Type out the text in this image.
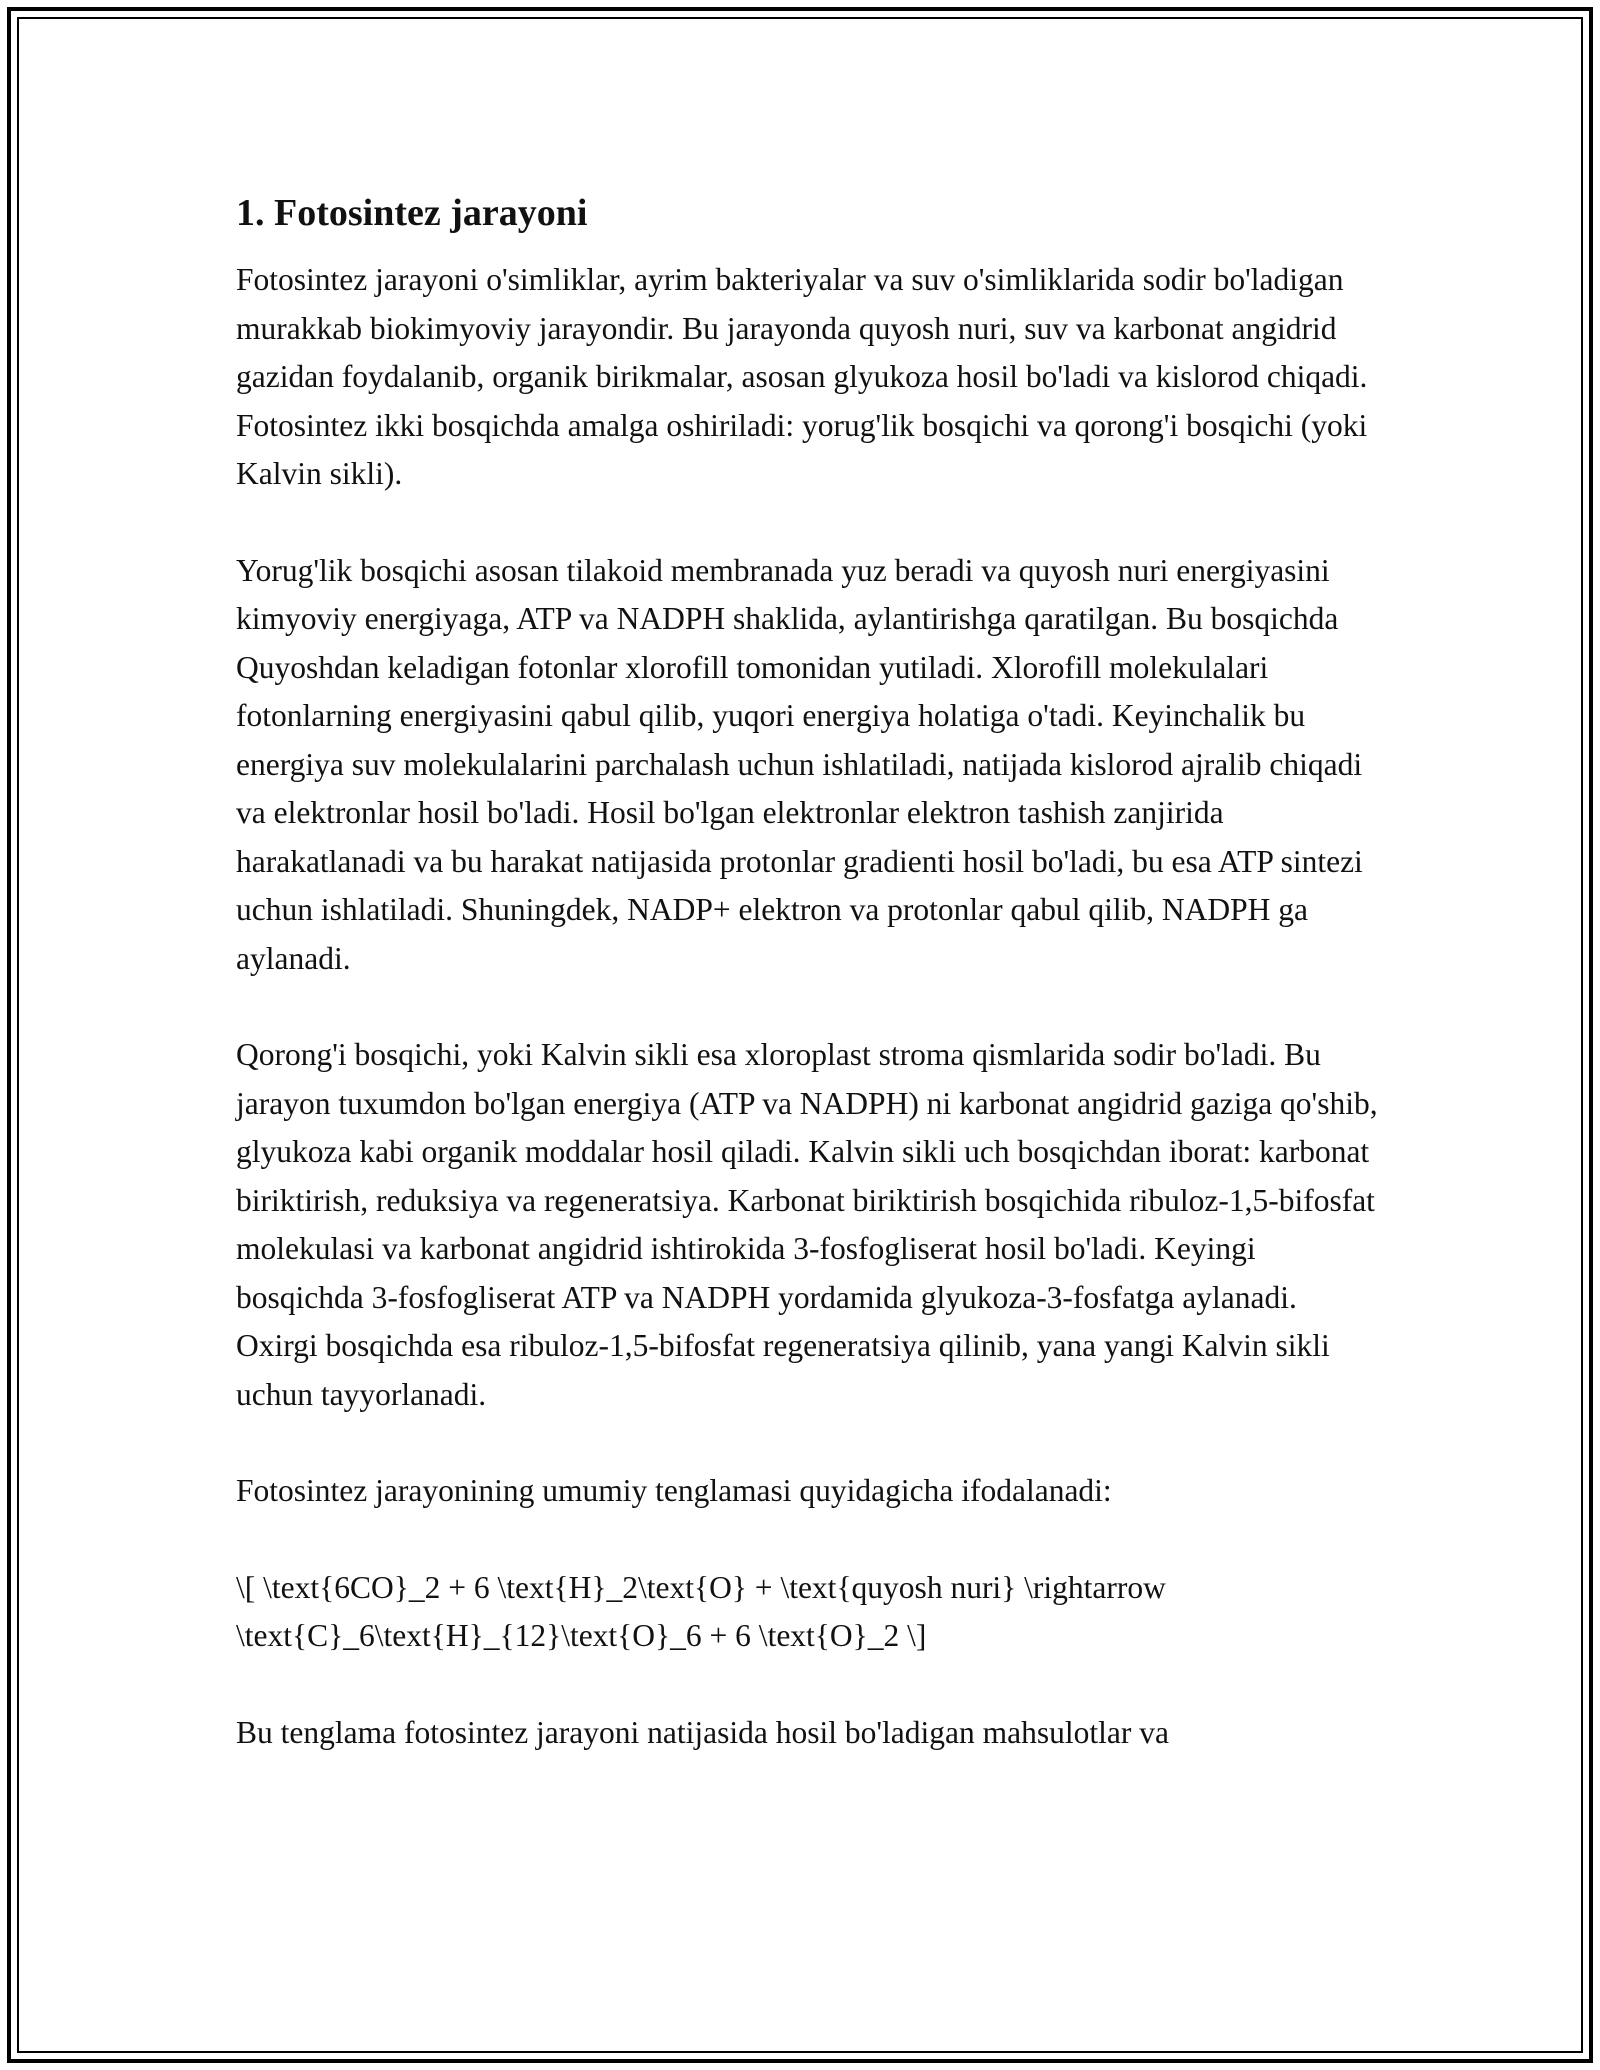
1. Fotosintez jarayoni

Fotosintez jarayoni o'simliklar, ayrim bakteriyalar va suv o'simliklarida sodir bo'ladigan murakkab biokimyoviy jarayondir. Bu jarayonda quyosh nuri, suv va karbonat angidrid gazidan foydalanib, organik birikmalar, asosan glyukoza hosil bo'ladi va kislorod chiqadi. Fotosintez ikki bosqichda amalga oshiriladi: yorug'lik bosqichi va qorong'i bosqichi (yoki Kalvin sikli).

Yorug'lik bosqichi asosan tilakoid membranada yuz beradi va quyosh nuri energiyasini kimyoviy energiyaga, ATP va NADPH shaklida, aylantirishga qaratilgan. Bu bosqichda Quyoshdan keladigan fotonlar xlorofill tomonidan yutiladi. Xlorofill molekulalari fotonlarning energiyasini qabul qilib, yuqori energiya holatiga o'tadi. Keyinchalik bu energiya suv molekulalarini parchalash uchun ishlatiladi, natijada kislorod ajralib chiqadi va elektronlar hosil bo'ladi. Hosil bo'lgan elektronlar elektron tashish zanjirida harakatlanadi va bu harakat natijasida protonlar gradienti hosil bo'ladi, bu esa ATP sintezi uchun ishlatiladi. Shuningdek, NADP+ elektron va protonlar qabul qilib, NADPH ga aylanadi.

Qorong'i bosqichi, yoki Kalvin sikli esa xloroplast stroma qismlarida sodir bo'ladi. Bu jarayon tuxumdon bo'lgan energiya (ATP va NADPH) ni karbonat angidrid gaziga qo'shib, glyukoza kabi organik moddalar hosil qiladi. Kalvin sikli uch bosqichdan iborat: karbonat biriktirish, reduksiya va regeneratsiya. Karbonat biriktirish bosqichida ribuloz-1,5-bifosfat molekulasi va karbonat angidrid ishtirokida 3-fosfogliserat hosil bo'ladi. Keyingi bosqichda 3-fosfogliserat ATP va NADPH yordamida glyukoza-3-fosfatga aylanadi. Oxirgi bosqichda esa ribuloz-1,5-bifosfat regeneratsiya qilinib, yana yangi Kalvin sikli uchun tayyorlanadi.

Fotosintez jarayonining umumiy tenglamasi quyidagicha ifodalanadi:

\[ \text{6CO}_2 + 6 \text{H}_2\text{O} + \text{quyosh nuri} \rightarrow \text{C}_6\text{H}_{12}\text{O}_6 + 6 \text{O}_2 \]

Bu tenglama fotosintez jarayoni natijasida hosil bo'ladigan mahsulotlar va
